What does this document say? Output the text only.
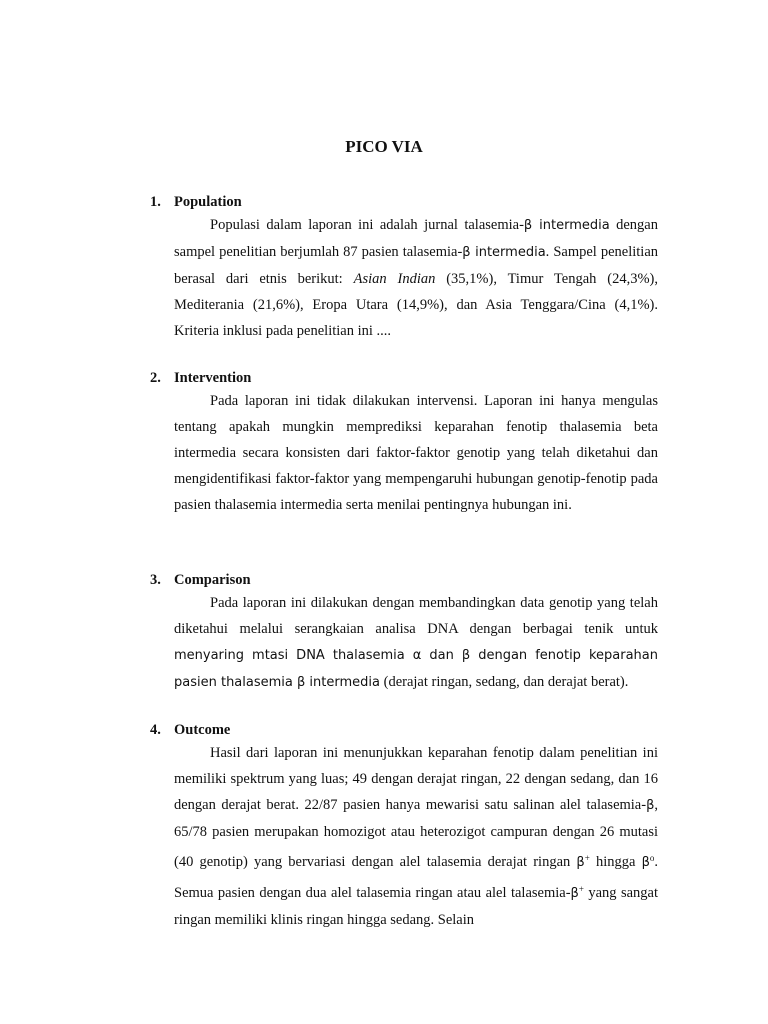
PICO VIA

1. Population

Populasi dalam laporan ini adalah jurnal talasemia-β intermedia dengan sampel penelitian berjumlah 87 pasien talasemia-β intermedia. Sampel penelitian berasal dari etnis berikut: Asian Indian (35,1%), Timur Tengah (24,3%), Mediterania (21,6%), Eropa Utara (14,9%), dan Asia Tenggara/Cina (4,1%). Kriteria inklusi pada penelitian ini ....

2. Intervention

Pada laporan ini tidak dilakukan intervensi. Laporan ini hanya mengulas tentang apakah mungkin memprediksi keparahan fenotip thalasemia beta intermedia secara konsisten dari faktor-faktor genotip yang telah diketahui dan mengidentifikasi faktor-faktor yang mempengaruhi hubungan genotip-fenotip pada pasien thalasemia intermedia serta menilai pentingnya hubungan ini.

3. Comparison

Pada laporan ini dilakukan dengan membandingkan data genotip yang telah diketahui melalui serangkaian analisa DNA dengan berbagai tenik untuk menyaring mtasi DNA thalasemia α dan β dengan fenotip keparahan pasien thalasemia β intermedia (derajat ringan, sedang, dan derajat berat).

4. Outcome

Hasil dari laporan ini menunjukkan keparahan fenotip dalam penelitian ini memiliki spektrum yang luas; 49 dengan derajat ringan, 22 dengan sedang, dan 16 dengan derajat berat. 22/87 pasien hanya mewarisi satu salinan alel talasemia-β, 65/78 pasien merupakan homozigot atau heterozigot campuran dengan 26 mutasi (40 genotip) yang bervariasi dengan alel talasemia derajat ringan β+ hingga $\beta^o$. Semua pasien dengan dua alel talasemia ringan atau alel talasemia-β+ yang sangat ringan memiliki klinis ringan hingga sedang. Selain
